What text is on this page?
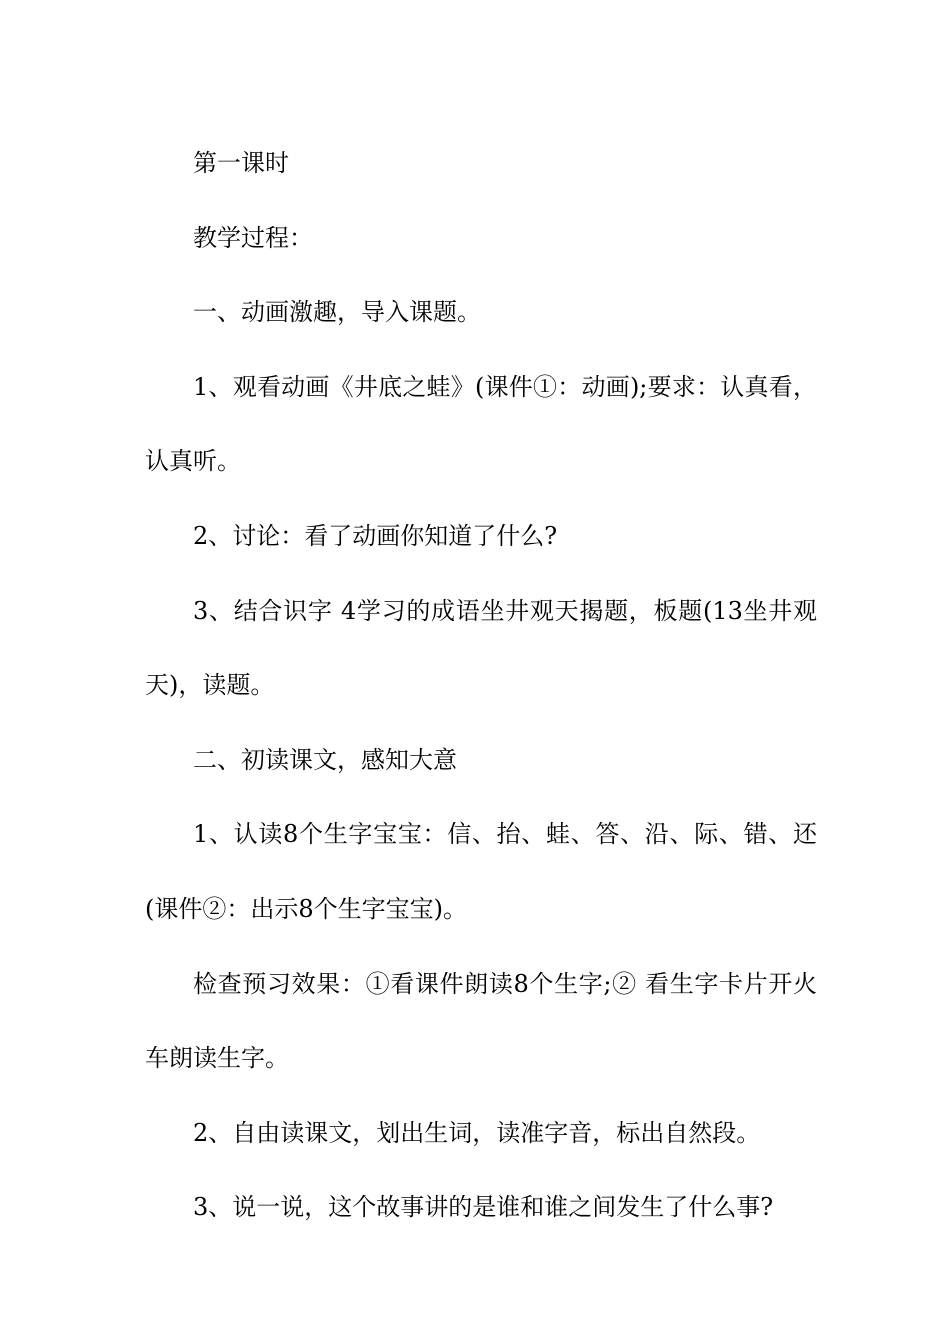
第一课时

教学过程：

一、动画激趣，导入课题。

1、观看动画《井底之蛙》(课件①：动画);要求：认真看，认真听。

2、讨论：看了动画你知道了什么?

3、结合识字 4学习的成语坐井观天揭题，板题(13坐井观天)，读题。

二、初读课文，感知大意

1、认读8个生字宝宝：信、抬、蛙、答、沿、际、错、还(课件②：出示8个生字宝宝)。

检查预习效果：①看课件朗读8个生字;② 看生字卡片开火车朗读生字。

2、自由读课文，划出生词，读准字音，标出自然段。

3、说一说，这个故事讲的是谁和谁之间发生了什么事?
